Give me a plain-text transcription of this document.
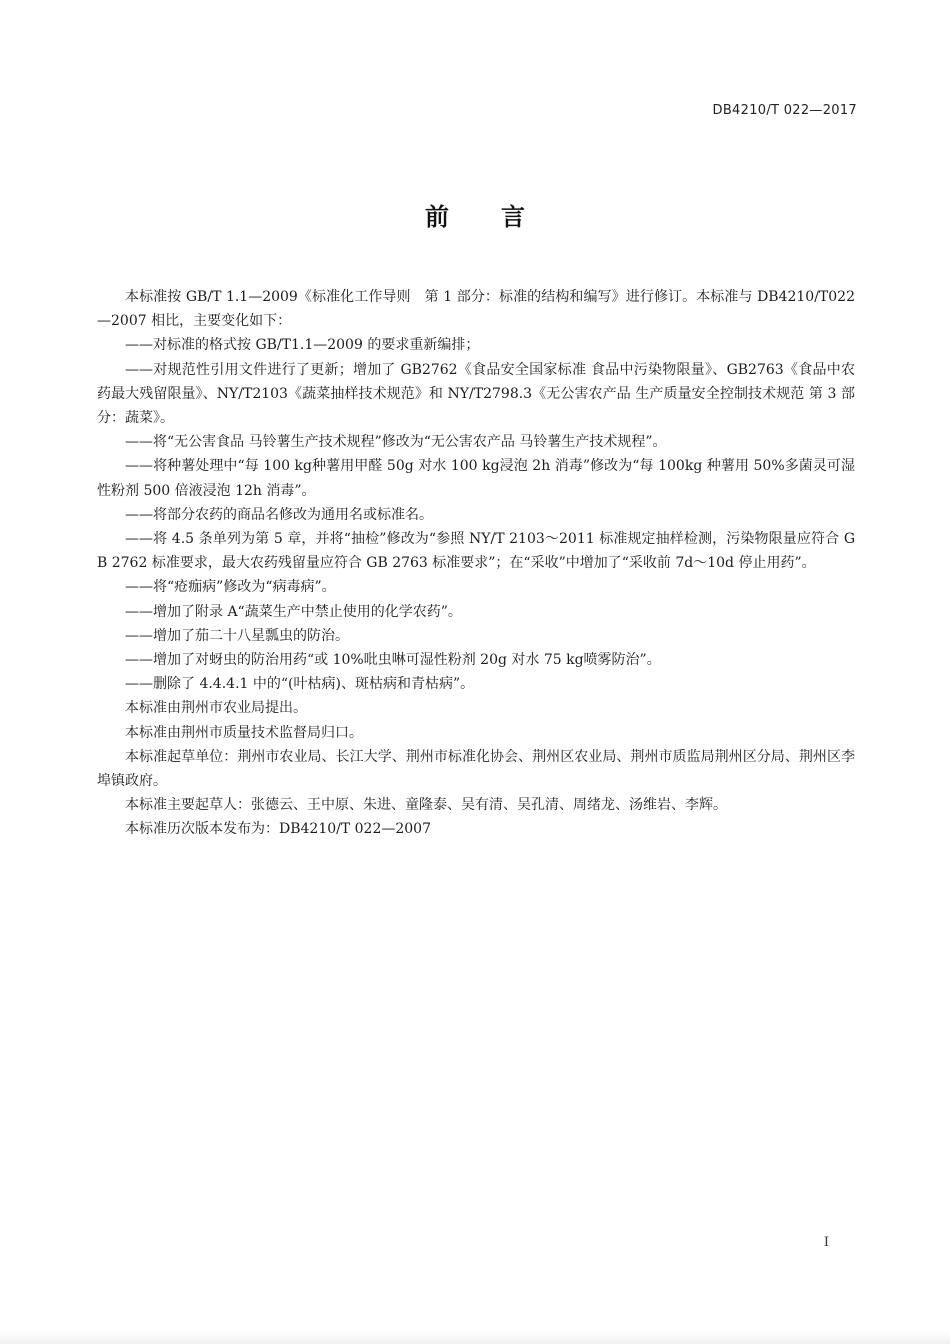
DB4210/T 022—2017
前 言

本标准按 GB/T 1.1—2009《标准化工作导则　第 1 部分：标准的结构和编写》进行修订。本标准与 DB4210/T022—2007 相比，主要变化如下：

——对标准的格式按 GB/T1.1—2009 的要求重新编排；

——对规范性引用文件进行了更新；增加了 GB2762《食品安全国家标准 食品中污染物限量》、GB2763《食品中农药最大残留限量》、NY/T2103《蔬菜抽样技术规范》和 NY/T2798.3《无公害农产品 生产质量安全控制技术规范 第 3 部分：蔬菜》。

——将“无公害食品 马铃薯生产技术规程”修改为“无公害农产品 马铃薯生产技术规程”。

——将种薯处理中“每 100 kg种薯用甲醛 50g 对水 100 kg浸泡 2h 消毒”修改为“每 100kg 种薯用 50%多菌灵可湿性粉剂 500 倍液浸泡 12h 消毒”。

——将部分农药的商品名修改为通用名或标准名。

——将 4.5 条单列为第 5 章，并将“抽检”修改为“参照 NY/T 2103～2011 标准规定抽样检测，污染物限量应符合 GB 2762 标准要求，最大农药残留量应符合 GB 2763 标准要求”；在“采收”中增加了“采收前 7d～10d 停止用药”。

——将“疮痂病”修改为“病毒病”。

——增加了附录 A“蔬菜生产中禁止使用的化学农药”。

——增加了茄二十八星瓢虫的防治。

——增加了对蚜虫的防治用药“或 10%吡虫啉可湿性粉剂 20g 对水 75 kg喷雾防治”。

——删除了 4.4.4.1 中的“(叶枯病)、斑枯病和青枯病”。

本标准由荆州市农业局提出。

本标准由荆州市质量技术监督局归口。

本标准起草单位：荆州市农业局、长江大学、荆州市标准化协会、荆州区农业局、荆州市质监局荆州区分局、荆州区李埠镇政府。

本标准主要起草人：张德云、王中原、朱进、童隆泰、吴有清、吴孔清、周绪龙、汤维岩、李辉。

本标准历次版本发布为：DB4210/T 022—2007

I
